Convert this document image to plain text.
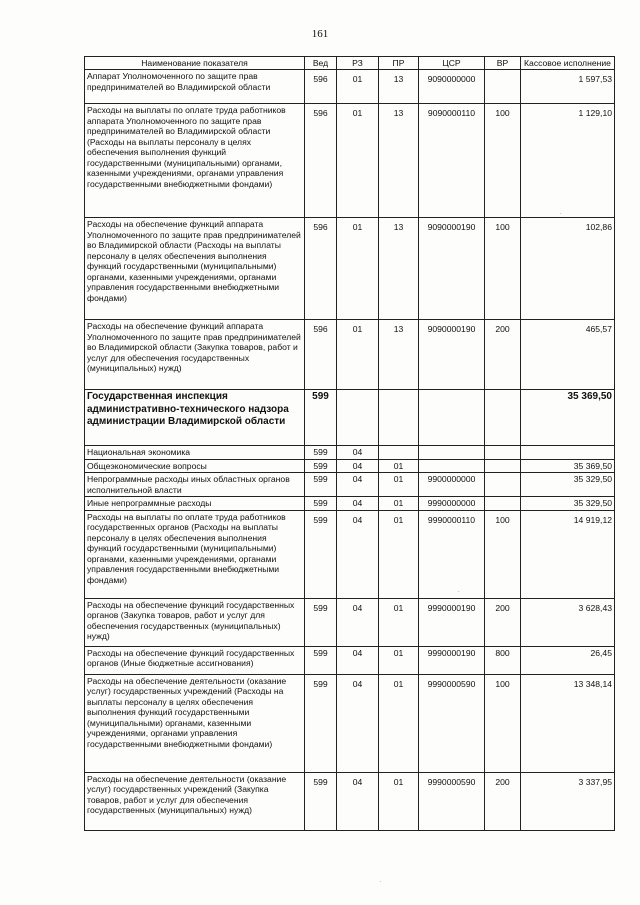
161
Наименование показателя	Вед	РЗ	ПР	ЦСР	ВР	Кассовое исполнение
Аппарат Уполномоченного по защите прав предпринимателей во Владимирской области	596	01	13	9090000000		1 597,53
Расходы на выплаты по оплате труда работников аппарата Уполномоченного по защите прав предпринимателей во Владимирской области (Расходы на выплаты персоналу в целях обеспечения выполнения функций государственными (муниципальными) органами, казенными учреждениями, органами управления государственными внебюджетными фондами)	596	01	13	9090000110	100	1 129,10
Расходы на обеспечение функций аппарата Уполномоченного по защите прав предпринимателей во Владимирской области (Расходы на выплаты персоналу в целях обеспечения выполнения функций государственными (муниципальными) органами, казенными учреждениями, органами управления государственными внебюджетными фондами)	596	01	13	9090000190	100	102,86
Расходы на обеспечение функций аппарата Уполномоченного по защите прав предпринимателей во Владимирской области (Закупка товаров, работ и услуг для обеспечения государственных (муниципальных) нужд)	596	01	13	9090000190	200	465,57
Государственная инспекция административно-технического надзора администрации Владимирской области	599					35 369,50
Национальная экономика	599	04				
Общеэкономические вопросы	599	04	01			35 369,50
Непрограммные расходы иных областных органов исполнительной власти	599	04	01	9900000000		35 329,50
Иные непрограммные расходы	599	04	01	9990000000		35 329,50
Расходы на выплаты по оплате труда работников государственных органов (Расходы на выплаты персоналу в целях обеспечения выполнения функций государственными (муниципальными) органами, казенными учреждениями, органами управления государственными внебюджетными фондами)	599	04	01	9990000110	100	14 919,12
Расходы на обеспечение функций государственных органов (Закупка товаров, работ и услуг для обеспечения государственных (муниципальных) нужд)	599	04	01	9990000190	200	3 628,43
Расходы на обеспечение функций государственных органов (Иные бюджетные ассигнования)	599	04	01	9990000190	800	26,45
Расходы на обеспечение деятельности (оказание услуг) государственных учреждений (Расходы на выплаты персоналу в целях обеспечения выполнения функций государственными (муниципальными) органами, казенными учреждениями, органами управления государственными внебюджетными фондами)	599	04	01	9990000590	100	13 348,14
Расходы на обеспечение деятельности (оказание услуг) государственных учреждений (Закупка товаров, работ и услуг для обеспечения государственных (муниципальных) нужд)	599	04	01	9990000590	200	3 337,95
.
.
.
